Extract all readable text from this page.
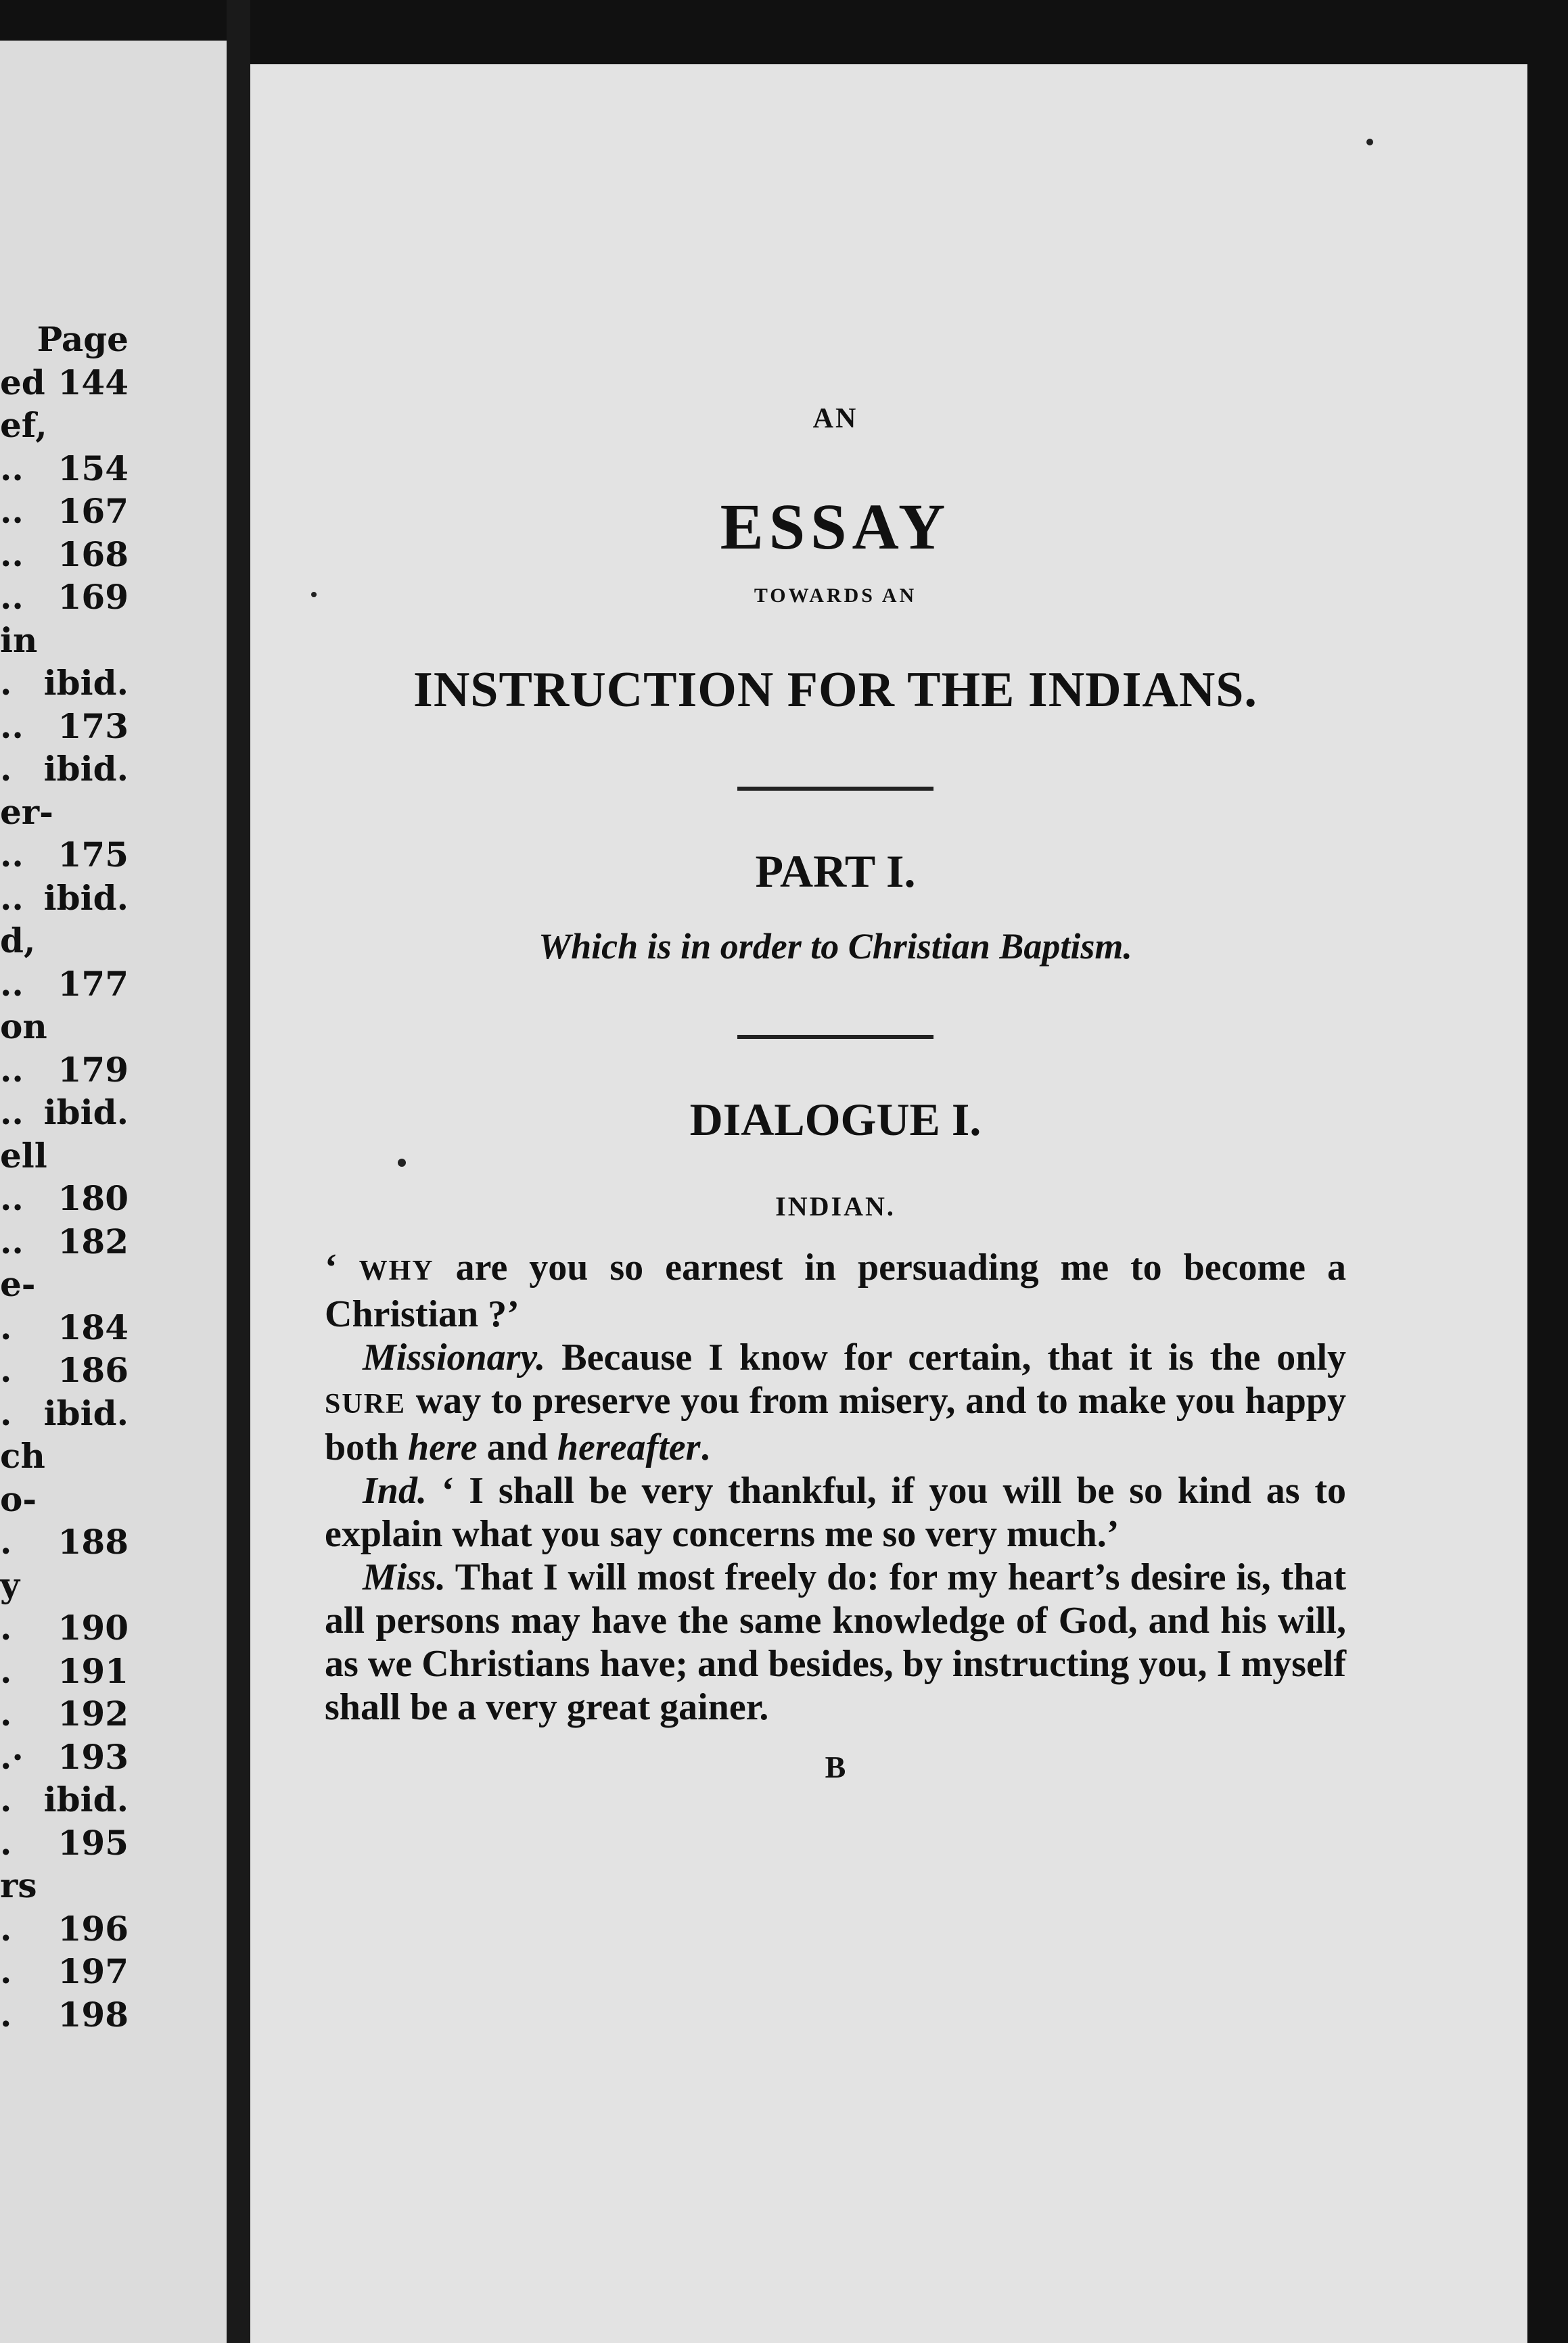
Page
ed 144
ef,
..	154
..	167
..	168
..	169
in
. ibid.
..	173
. ibid.
er-
..	175
.. ibid.
d,
..	177
on
..	179
.. ibid.
ell
..	180
..	182
e-
.	184
.	186
. ibid.
ch
o-
.	188
y
.	190
.	191
.	192
.·	193
. ibid.
.	195
rs
.	196
.	197
.	198
AN
ESSAY
TOWARDS AN
INSTRUCTION FOR THE INDIANS.
PART I.
Which is in order to Christian Baptism.
DIALOGUE I.
INDIAN.

‘ WHY are you so earnest in persuading me to become a Christian ?’

 Missionary. Because I know for certain, that it is the only SURE way to preserve you from misery, and to make you happy both here and hereafter.

 Ind. ‘ I shall be very thankful, if you will be so kind as to explain what you say concerns me so very much.’

 Miss. That I will most freely do: for my heart’s desire is, that all persons may have the same knowledge of God, and his will, as we Christians have; and besides, by instructing you, I myself shall be a very great gainer.

B
